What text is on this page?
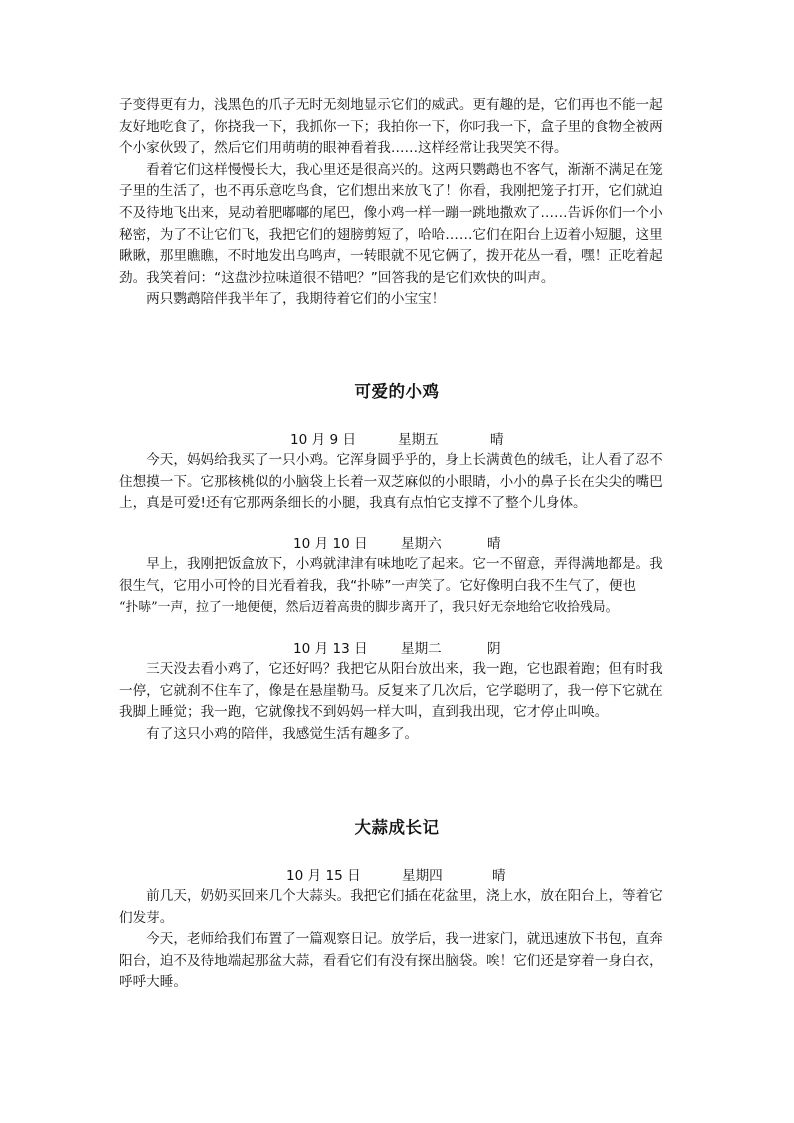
子变得更有力，浅黑色的爪子无时无刻地显示它们的威武。更有趣的是，它们再也不能一起

友好地吃食了，你挠我一下，我抓你一下；我拍你一下，你叼我一下，盒子里的食物全被两

个小家伙毁了，然后它们用萌萌的眼神看着我……这样经常让我哭笑不得。

　　看着它们这样慢慢长大，我心里还是很高兴的。这两只鹦鹉也不客气，渐渐不满足在笼

子里的生活了，也不再乐意吃鸟食，它们想出来放飞了！你看，我刚把笼子打开，它们就迫

不及待地飞出来，晃动着肥嘟嘟的尾巴，像小鸡一样一蹦一跳地撒欢了……告诉你们一个小

秘密，为了不让它们飞，我把它们的翅膀剪短了，哈哈……它们在阳台上迈着小短腿，这里

瞅瞅，那里瞧瞧，不时地发出乌鸣声，一转眼就不见它俩了，拨开花丛一看，嘿！正吃着起

劲。我笑着问：“这盘沙拉味道很不错吧？”回答我的是它们欢快的叫声。

　　两只鹦鹉陪伴我半年了，我期待着它们的小宝宝！

可爱的小鸡
10 月 9 日	星期五	晴

　　今天，妈妈给我买了一只小鸡。它浑身圆乎乎的，身上长满黄色的绒毛，让人看了忍不

住想摸一下。它那核桃似的小脑袋上长着一双芝麻似的小眼睛，小小的鼻子长在尖尖的嘴巴

上，真是可爱!还有它那两条细长的小腿，我真有点怕它支撑不了整个儿身体。

10 月 10 日 星期六	晴

　　早上，我刚把饭盒放下，小鸡就津津有味地吃了起来。它一不留意，弄得满地都是。我

很生气，它用小可怜的目光看着我，我“扑哧”一声笑了。它好像明白我不生气了，便也

“扑哧”一声，拉了一地便便，然后迈着高贵的脚步离开了，我只好无奈地给它收拾残局。

10 月 13 日 星期二	阴

　　三天没去看小鸡了，它还好吗？我把它从阳台放出来，我一跑，它也跟着跑；但有时我

一停，它就刹不住车了，像是在悬崖勒马。反复来了几次后，它学聪明了，我一停下它就在

我脚上睡觉；我一跑，它就像找不到妈妈一样大叫，直到我出现，它才停止叫唤。

　　有了这只小鸡的陪伴，我感觉生活有趣多了。

大蒜成长记
10 月 15 日	星期四	晴

　　前几天，奶奶买回来几个大蒜头。我把它们插在花盆里，浇上水，放在阳台上，等着它

们发芽。

　　今天，老师给我们布置了一篇观察日记。放学后，我一进家门，就迅速放下书包，直奔

阳台，迫不及待地端起那盆大蒜，看看它们有没有探出脑袋。唉！它们还是穿着一身白衣，

呼呼大睡。
